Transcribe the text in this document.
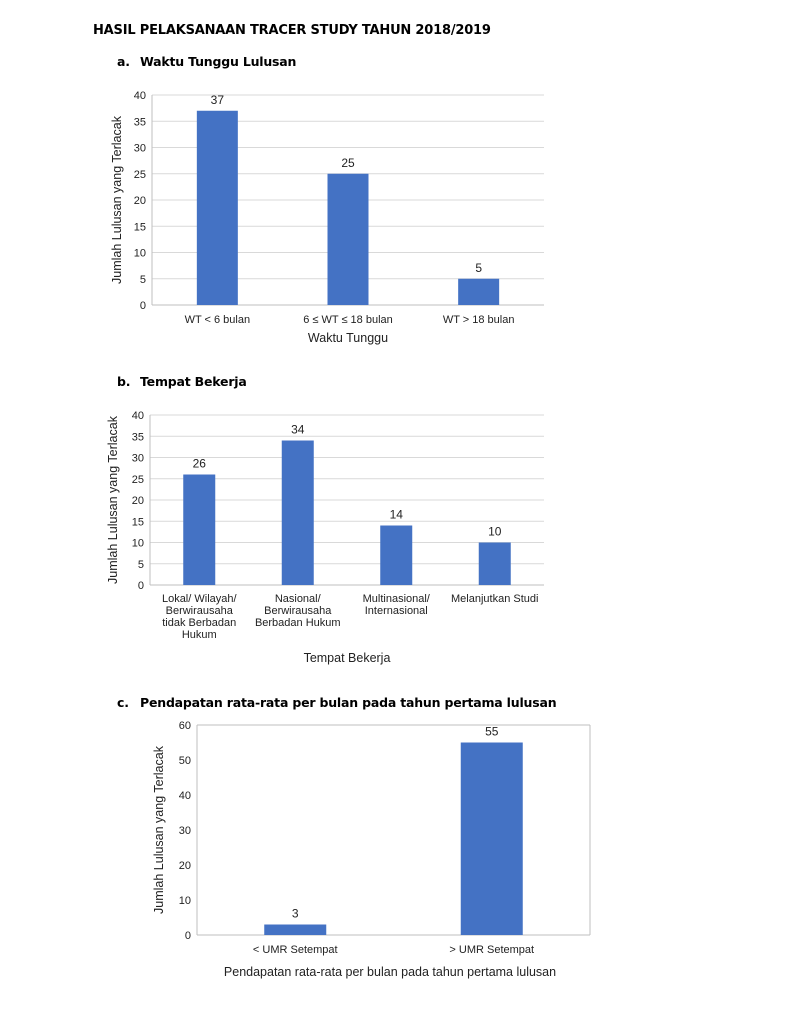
HASIL PELAKSANAAN TRACER STUDY TAHUN 2018/2019
a. Waktu Tunggu Lulusan
b. Tempat Bekerja
c. Pendapatan rata-rata per bulan pada tahun pertama lulusan
0
5
10
15
20
25
30
35
40	37
WT < 6 bulan
25
6 ≤ WT ≤ 18 bulan
5
WT > 18 bulan
Waktu Tunggu
Jumlah Lulusan yang Terlacak
0
5
10
15
20
25
30
35
40
26
Lokal/ Wilayah/
Berwirausaha
tidak Berbadan
Hukum
34
Nasional/
Berwirausaha
Berbadan Hukum
14
Multinasional/
Internasional
10
Melanjutkan Studi
Tempat Bekerja
Jumlah Lulusan yang Terlacak
0
10
20
30
40
50
60
3
< UMR Setempat
55
> UMR Setempat
Pendapatan rata-rata per bulan pada tahun pertama lulusan
Jumlah Lulusan yang Terlacak
